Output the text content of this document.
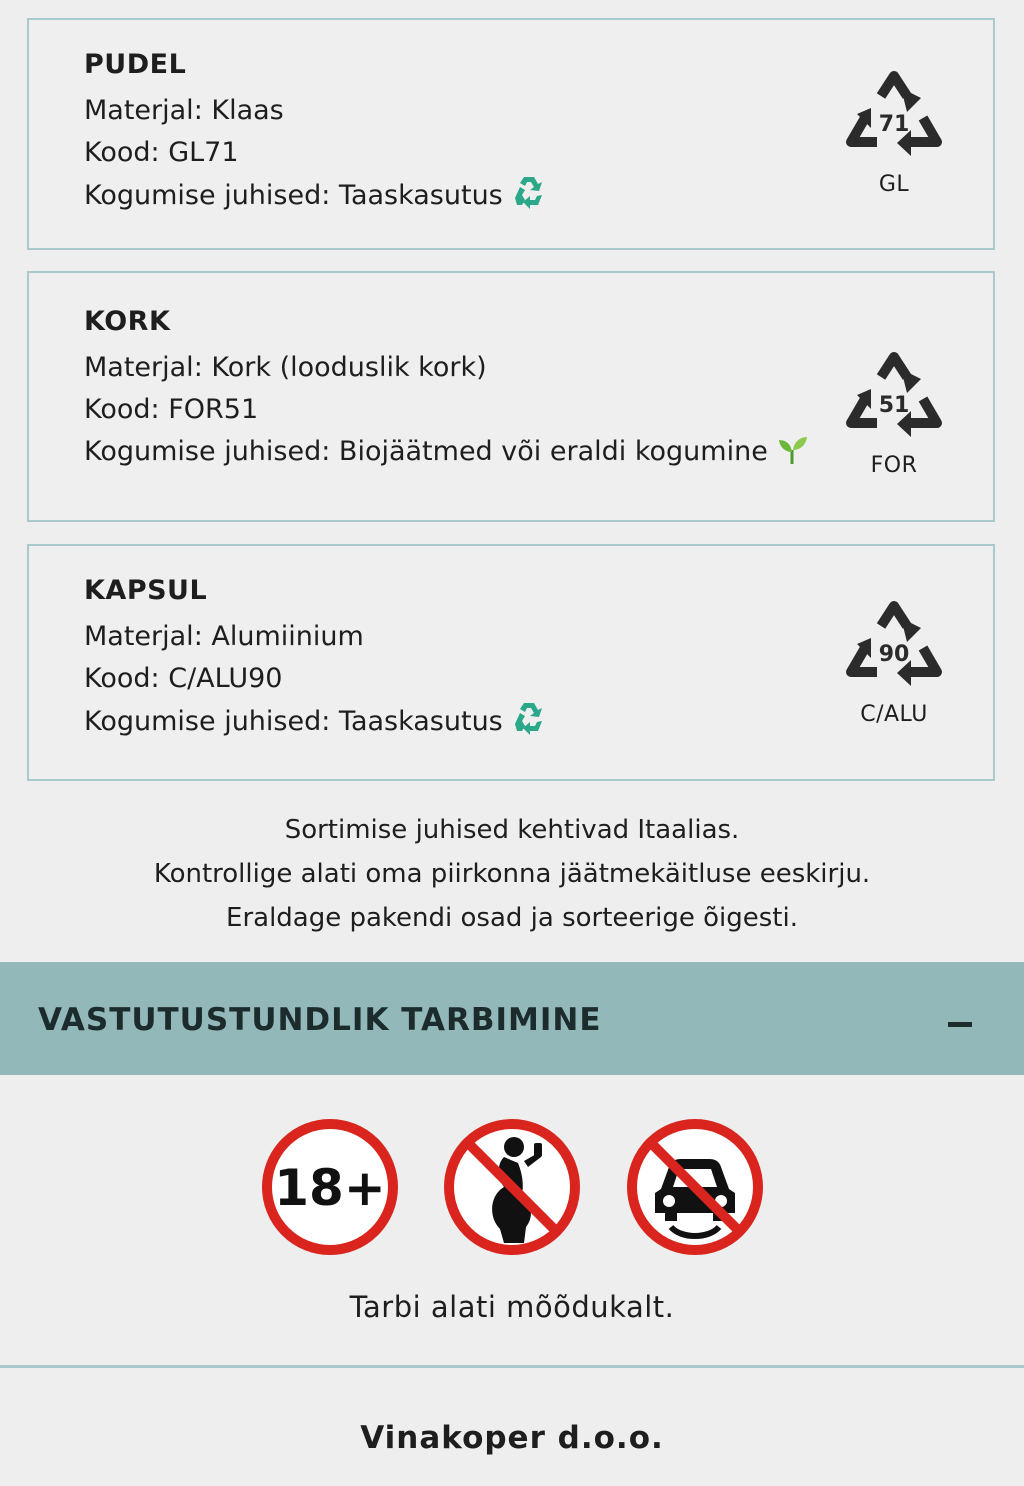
PUDEL
Materjal: Klaas
Kood: GL71
Kogumise juhised: Taaskasutus
71
GL
KORK
Materjal: Kork (looduslik kork)
Kood: FOR51
Kogumise juhised: Biojäätmed või eraldi kogumine
51
FOR
KAPSUL
Materjal: Alumiinium
Kood: C/ALU90
Kogumise juhised: Taaskasutus
90
C/ALU
Sortimise juhised kehtivad Itaalias.
Kontrollige alati oma piirkonna jäätmekäitluse eeskirju.
Eraldage pakendi osad ja sorteerige õigesti.
VASTUTUSTUNDLIK TARBIMINE
18+
Tarbi alati mõõdukalt.
Vinakoper d.o.o.
